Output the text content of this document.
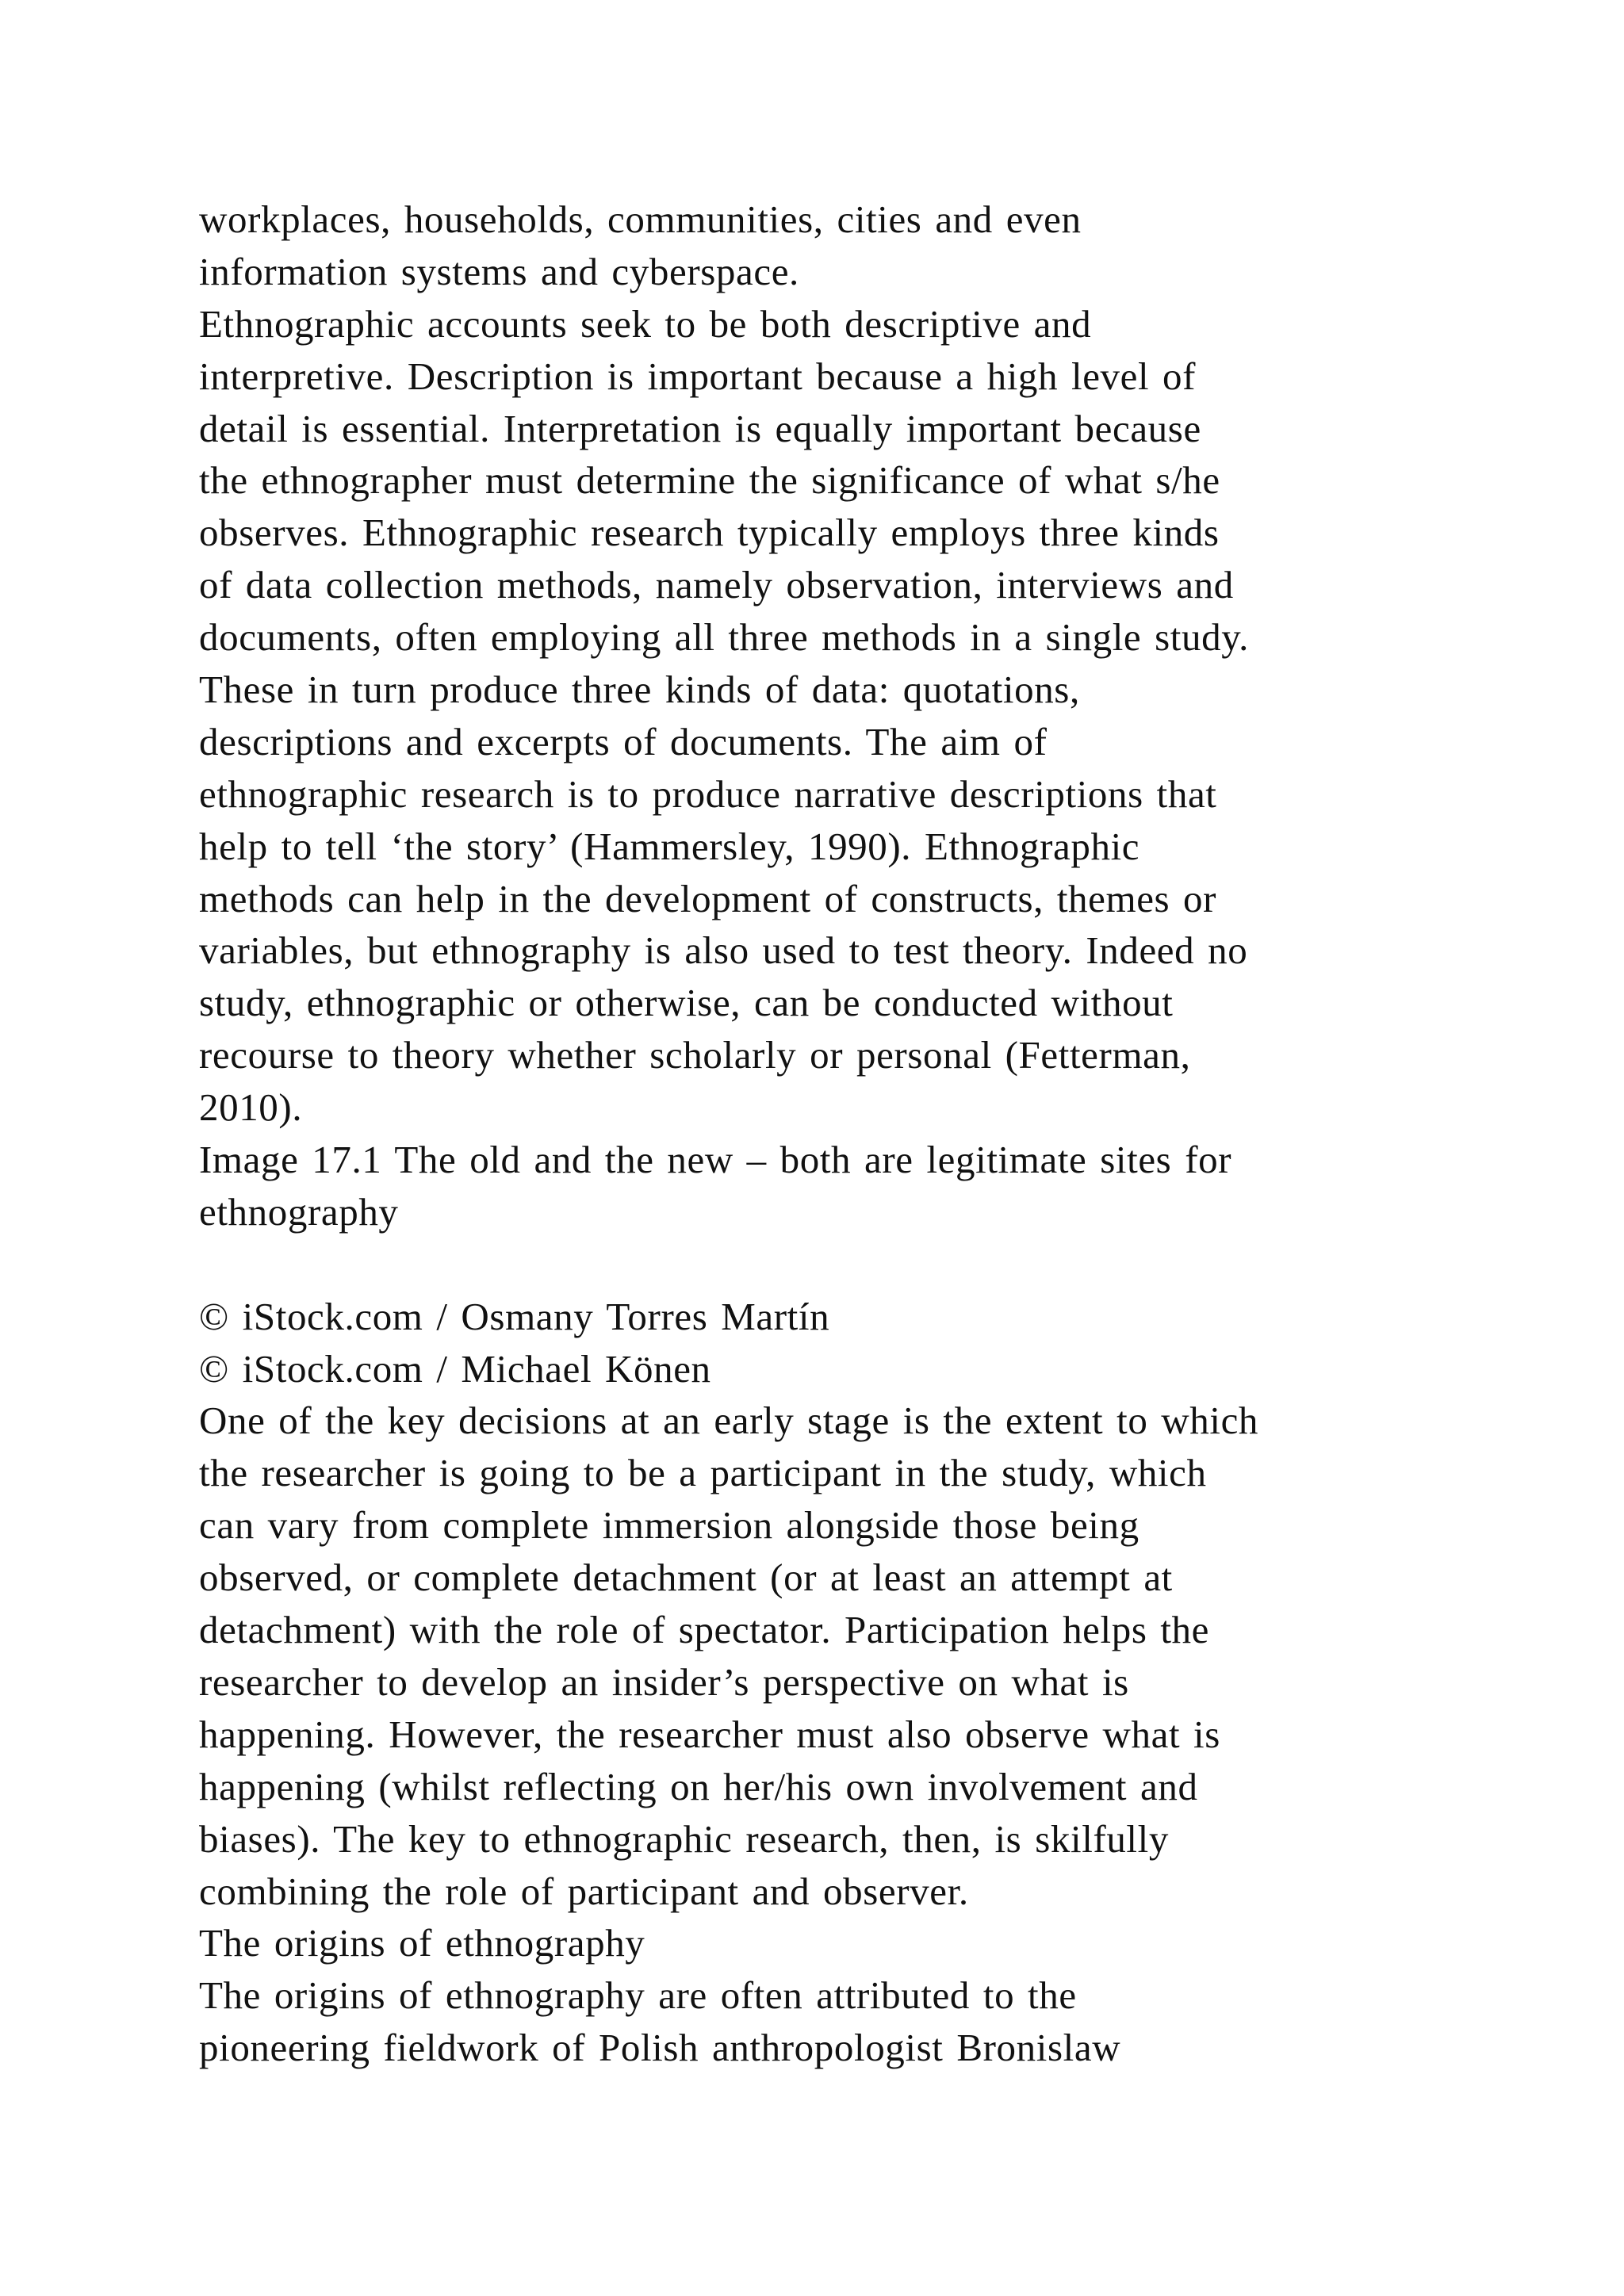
workplaces, households, communities, cities and even
information systems and cyberspace.
Ethnographic accounts seek to be both descriptive and
interpretive. Description is important because a high level of
detail is essential. Interpretation is equally important because
the ethnographer must determine the significance of what s/he
observes. Ethnographic research typically employs three kinds
of data collection methods, namely observation, interviews and
documents, often employing all three methods in a single study.
These in turn produce three kinds of data: quotations,
descriptions and excerpts of documents. The aim of
ethnographic research is to produce narrative descriptions that
help to tell ‘the story’ (Hammersley, 1990). Ethnographic
methods can help in the development of constructs, themes or
variables, but ethnography is also used to test theory. Indeed no
study, ethnographic or otherwise, can be conducted without
recourse to theory whether scholarly or personal (Fetterman,
2010).
Image 17.1 The old and the new – both are legitimate sites for
ethnography
© iStock.com / Osmany Torres Martín
© iStock.com / Michael Könen
One of the key decisions at an early stage is the extent to which
the researcher is going to be a participant in the study, which
can vary from complete immersion alongside those being
observed, or complete detachment (or at least an attempt at
detachment) with the role of spectator. Participation helps the
researcher to develop an insider’s perspective on what is
happening. However, the researcher must also observe what is
happening (whilst reflecting on her/his own involvement and
biases). The key to ethnographic research, then, is skilfully
combining the role of participant and observer.
The origins of ethnography
The origins of ethnography are often attributed to the
pioneering fieldwork of Polish anthropologist Bronislaw
